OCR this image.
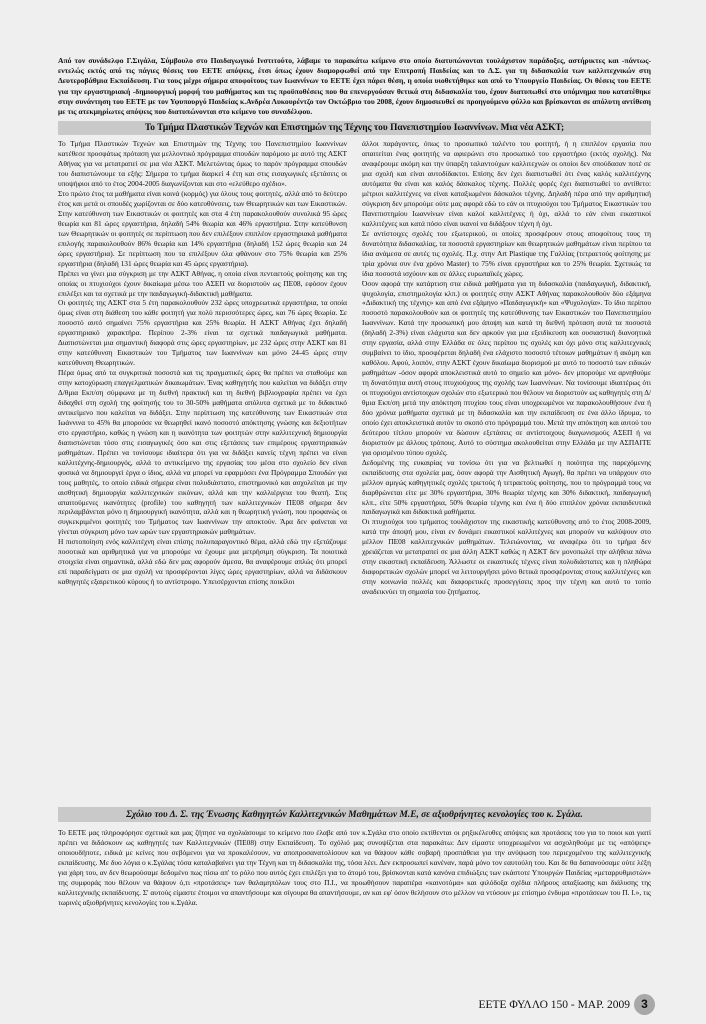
Από τον συνάδελφο Γ.Σιγάλα, Σύμβουλο στο Παιδαγωγικό Ινστιτούτο, λάβαμε το παρακάτω κείμενο στο οποίο διατυπώνονται τουλάχιστον παράδοξες, αστήρικτες και -πάντως- εντελώς εκτός από τις πάγιες θέσεις του ΕΕΤΕ απόψεις, έτσι όπως έχουν διαμορφωθεί από την Επιτροπή Παιδείας και το Δ.Σ. για τη διδασκαλία των καλλιτεχνικών στη Δευτεροβάθμια Εκπαίδευση. Για τους μέχρι σήμερα αποφοίτους των Ιωαννίνων το ΕΕΤΕ έχει πάρει θέση, η οποία υιοθετήθηκε και από το Υπουργείο Παιδείας. Οι θέσεις του ΕΕΤΕ για την εργαστηριακή -δημιουργική μορφή του μαθήματος και τις προϋποθέσεις που θα επενεργούσαν θετικά στη διδασκαλία του, έχουν διατυπωθεί στο υπόμνημα που κατατέθηκε στην συνάντηση του ΕΕΤΕ με τον Υφυπουργό Παιδείας κ.Ανδρέα Λυκουρέντζο τον Οκτώβριο του 2008, έχουν δημοσιευθεί σε προηγούμενο φύλλο και βρίσκονται σε απόλυτη αντίθεση με τις ατεκμηρίωτες απόψεις που διατυπώνονται στο κείμενο του συναδέλφου.
Το Τμήμα Πλαστικών Τεχνών και Επιστημών της Τέχνης του Πανεπιστημίου Ιωαννίνων. Μια νέα ΑΣΚΤ;

Το Τμήμα Πλαστικών Τεχνών και Επιστημών της Τέχνης του Πανεπιστημίου Ιωαννίνων κατέθεσε προσφάτως πρόταση για μελλοντικό πρόγραμμα σπουδών παρόμοιο με αυτό της ΑΣΚΤ Αθήνας για να μετατραπεί σε μια νέα ΑΣΚΤ. Μελετώντας όμως το παρόν πρόγραμμα σπουδών του διαπιστώνουμε τα εξής: Σήμερα το τμήμα διαρκεί 4 έτη και στις εισαγωγικές εξετάσεις οι υποψήφιοι από το έτος 2004-2005 διαγωνίζονται και στο «ελεύθερο σχέδιο».

Στο πρώτο έτος τα μαθήματα είναι κοινά (κορμός) για όλους τους φοιτητές, αλλά από το δεύτερο έτος και μετά οι σπουδές χωρίζονται σε δύο κατευθύνσεις, των Θεωρητικών και των Εικαστικών. Στην κατεύθυνση των Εικαστικών οι φοιτητές και στα 4 έτη παρακολουθούν συνολικά 95 ώρες θεωρία και 81 ώρες εργαστήρια, δηλαδή 54% θεωρία και 46% εργαστήρια. Στην κατεύθυνση των Θεωρητικών οι φοιτητές σε περίπτωση που δεν επιλέξουν επιπλέον εργαστηριακά μαθήματα επιλογής παρακολουθούν 86% θεωρία και 14% εργαστήρια (δηλαδή 152 ώρες θεωρία και 24 ώρες εργαστήρια). Σε περίπτωση που τα επιλέξουν όλα φθάνουν στο 75% θεωρία και 25% εργαστήρια (δηλαδή 131 ώρες θεωρία και 45 ώρες εργαστήρια).

Πρέπει να γίνει μια σύγκριση με την ΑΣΚΤ Αθήνας, η οποία είναι πενταετούς φοίτησης και της οποίας οι πτυχιούχοι έχουν δικαίωμα μέσω του ΑΣΕΠ να διοριστούν ως ΠΕ08, εφόσον έχουν επιλέξει και τα σχετικά με την παιδαγωγική-διδακτική μαθήματα.

Οι φοιτητές της ΑΣΚΤ στα 5 έτη παρακολουθούν 232 ώρες υποχρεωτικά εργαστήρια, τα οποία όμως είναι στη διάθεση του κάθε φοιτητή για πολύ περισσότερες ώρες, και 76 ώρες θεωρία. Σε ποσοστό αυτό σημαίνει 75% εργαστήρια και 25% θεωρία. Η ΑΣΚΤ Αθήνας έχει δηλαδή εργαστηριακό χαρακτήρα. Περίπου 2-3% είναι τα σχετικά παιδαγωγικά μαθήματα. Διαπιστώνεται μια σημαντική διαφορά στις ώρες εργαστηρίων, με 232 ώρες στην ΑΣΚΤ και 81 στην κατεύθυνση Εικαστικών του Τμήματος των Ιωαννίνων και μόνο 24-45 ώρες στην κατεύθυνση Θεωρητικών.

Πέρα όμως από τα συγκριτικά ποσοστά και τις πραγματικές ώρες θα πρέπει να σταθούμε και στην κατοχύρωση επαγγελματικών δικαιωμάτων. Ένας καθηγητής που καλείται να διδάξει στην Δ/θμια Εκπ/ση σύμφωνα με τη διεθνή πρακτική και τη διεθνή βιβλιογραφία πρέπει να έχει διδαχθεί στη σχολή της φοίτησής του το 30-50% μαθήματα απόλυτα σχετικά με το διδακτικό αντικείμενο που καλείται να διδάξει. Στην περίπτωση της κατεύθυνσης των Εικαστικών στα Ιωάννινα το 45% θα μπορούσε να θεωρηθεί ικανό ποσοστό απόκτησης γνώσης και δεξιοτήτων στο εργαστήριο, καθώς η γνώση και η ικανότητα των φοιτητών στην καλλιτεχνική δημιουργία διαπιστώνεται τόσο στις εισαγωγικές όσο και στις εξετάσεις των επιμέρους εργαστηριακών μαθημάτων. Πρέπει να τονίσουμε ιδιαίτερα ότι για να διδάξει κανείς τέχνη πρέπει να είναι καλλιτέχνης-δημιουργός, αλλά το αντικείμενο της εργασίας του μέσα στο σχολείο δεν είναι φυσικά να δημιουργεί έργα ο ίδιος, αλλά να μπορεί να εφαρμόσει ένα Πρόγραμμα Σπουδών για τους μαθητές, το οποίο ειδικά σήμερα είναι πολυδιάστατο, επιστημονικό και ασχολείται με την αισθητική δημιουργία καλλιτεχνικών εικόνων, αλλά και την καλλιέργεια του θεατή. Στις απαιτούμενες ικανότητες (profile) του καθηγητή των καλλιτεχνικών ΠΕ08 σήμερα δεν περιλαμβάνεται μόνο η δημιουργική ικανότητα, αλλά και η θεωρητική γνώση, που προφανώς οι συγκεκριμένοι φοιτητές του Τμήματος των Ιωαννίνων την αποκτούν. Άρα δεν φαίνεται να γίνεται σύγκριση μόνο των ωρών των εργαστηριακών μαθημάτων.

Η πιστοποίηση ενός καλλιτέχνη είναι επίσης πολυπαραγοντικό θέμα, αλλά εδώ την εξετάζουμε ποσοτικά και αριθμητικά για να μπορούμε να έχουμε μια μετρήσιμη σύγκριση. Τα ποιοτικά στοιχεία είναι σημαντικά, αλλά εδώ δεν μας αφορούν άμεσα, θα αναφέρουμε απλώς ότι μπορεί επί παραδείγματι σε μια σχολή να προσφέρονται λίγες ώρες εργαστηρίων, αλλά να διδάσκουν καθηγητές εξαιρετικού κύρους ή το αντίστροφο. Υπεισέρχονται επίσης ποικίλοι

άλλοι παράγοντες, όπως το προσωπικό ταλέντο του φοιτητή, ή η επιπλέον εργασία που απαιτείται ένας φοιτητής να αφιερώνει στο προσωπικό του εργαστήριο (εκτός σχολής). Να αναφέρουμε ακόμη και την ύπαρξη ταλαντούχων καλλιτεχνών οι οποίοι δεν σπούδασαν ποτέ σε μια σχολή και είναι αυτοδίδακτοι. Επίσης δεν έχει διαπιστωθεί ότι ένας καλός καλλιτέχνης αυτόματα θα είναι και καλός δάσκαλος τέχνης. Πολλές φορές έχει διαπιστωθεί το αντίθετο: μέτριοι καλλιτέχνες να είναι καταξιωμένοι δάσκαλοι τέχνης. Δηλαδή πέρα από την αριθμητική σύγκριση δεν μπορούμε ούτε μας αφορά εδώ το εάν οι πτυχιούχοι του Τμήματος Εικαστικών του Πανεπιστημίου Ιωαννίνων είναι καλοί καλλιτέχνες ή όχι, αλλά το εάν είναι εικαστικοί καλλιτέχνες και κατά πόσο είναι ικανοί να διδάξουν τέχνη ή όχι.

Σε αντίστοιχες σχολές του εξωτερικού, οι οποίες προσφέρουν στους αποφοίτους τους τη δυνατότητα διδασκαλίας, τα ποσοστά εργαστηρίων και θεωρητικών μαθημάτων είναι περίπου τα ίδια ανάμεσα σε αυτές τις σχολές. Π.χ. στην Art Plastique της Γαλλίας (τετραετούς φοίτησης με τρία χρόνια συν ένα χρόνο Master) το 75% είναι εργαστήρια και το 25% θεωρία. Σχετικώς τα ίδια ποσοστά ισχύουν και σε άλλες ευρωπαϊκές χώρες.

Όσον αφορά την κατάρτιση στα ειδικά μαθήματα για τη διδασκαλία (παιδαγωγική, διδακτική, ψυχολογία, επιστημολογία κλπ.) οι φοιτητές στην ΑΣΚΤ Αθήνας παρακολουθούν δύο εξάμηνα «Διδακτική της τέχνης» και από ένα εξάμηνο «Παιδαγωγική» και «Ψυχολογία». Το ίδιο περίπου ποσοστό παρακολουθούν και οι φοιτητές της κατεύθυνσης των Εικαστικών του Πανεπιστημίου Ιωαννίνων. Κατά την προσωπική μου άποψη και κατά τη διεθνή πρόταση αυτά τα ποσοστά (δηλαδή 2-3%) είναι ελάχιστα και δεν αρκούν για μια εξειδίκευση και ουσιαστική διανοητικά στην εργασία, αλλά στην Ελλάδα σε όλες περίπου τις σχολές και όχι μόνο στις καλλιτεχνικές συμβαίνει το ίδιο, προσφέρεται δηλαδή ένα ελάχιστο ποσοστό τέτοιων μαθημάτων ή ακόμη και καθόλου. Αφού, λοιπόν, στην ΑΣΚΤ έχουν δικαίωμα διορισμού με αυτό το ποσοστό των ειδικών μαθημάτων -όσον αφορά αποκλειστικά αυτό το σημείο και μόνο- δεν μπορούμε να αρνηθούμε τη δυνατότητα αυτή στους πτυχιούχους της σχολής των Ιωαννίνων. Να τονίσουμε ιδιαιτέρως ότι οι πτυχιούχοι αντίστοιχων σχολών στο εξωτερικό που θέλουν να διοριστούν ως καθηγητές στη Δ/θμια Εκπ/ση μετά την απόκτηση πτυχίου τους είναι υποχρεωμένοι να παρακολουθήσουν ένα ή δύο χρόνια μαθήματα σχετικά με τη διδασκαλία και την εκπαίδευση σε ένα άλλο ίδρυμα, το οποίο έχει αποκλειστικά αυτόν το σκοπό στο πρόγραμμά του. Μετά την απόκτηση και αυτού του δεύτερου τίτλου μπορούν να δώσουν εξετάσεις σε αντίστοιχους διαγωνισμούς ΑΣΕΠ ή να διοριστούν με άλλους τρόπους. Αυτό το σύστημα ακολουθείται στην Ελλάδα με την ΑΣΠΑΙΤΕ για ορισμένου τύπου σχολές.

Δεδομένης της ευκαιρίας να τονίσω ότι για να βελτιωθεί η ποιότητα της παρεχόμενης εκπαίδευσης στα σχολεία μας, όσον αφορά την Αισθητική Αγωγή, θα πρέπει να υπάρχουν στο μέλλον αμιγώς καθηγητικές σχολές τριετούς ή τετραετούς φοίτησης, που το πρόγραμμά τους να διαρθρώνεται είτε με 30% εργαστήρια, 30% θεωρία τέχνης και 30% διδακτική, παιδαγωγική κλπ., είτε 50% εργαστήρια, 50% θεωρία τέχνης και ένα ή δύο επιπλέον χρόνια εκπαιδευτικά παιδαγωγικά και διδακτικά μαθήματα.

Οι πτυχιούχοι του τμήματος τουλάχιστον της εικαστικής κατεύθυνσης από το έτος 2008-2009, κατά την άποψή μου, είναι εν δυνάμει εικαστικοί καλλιτέχνες και μπορούν να καλύψουν στο μέλλον ΠΕ08 καλλιτεχνικών μαθημάτων. Τελειώνοντας, να αναφέρω ότι το τμήμα δεν χρειάζεται να μετατραπεί σε μια άλλη ΑΣΚΤ καθώς η ΑΣΚΤ δεν μονοπωλεί την αλήθεια πάνω στην εικαστική εκπαίδευση. Άλλωστε οι εικαστικές τέχνες είναι πολυδιάστατες και η πληθώρα διαφορετικών σχολών μπορεί να λειτουργήσει μόνο θετικά προσφέροντας στους καλλιτέχνες και στην κοινωνία πολλές και διαφορετικές προσεγγίσεις προς την τέχνη και αυτό το τοπίο αναδεικνύει τη σημασία του ζητήματος.

Σχόλιο του Δ. Σ. της Ένωσης Καθηγητών Καλλιτεχνικών Μαθημάτων Μ.Ε, σε αξιοθρήνητες κενολογίες του κ. Σγάλα.
Το ΕΕΤΕ μας πληροφόρησε σχετικά και μας ζήτησε να σχολιάσουμε το κείμενο που έλαβε από τον κ.Σγάλα στο οποίο εκτίθενται οι ρηξικέλευθες απόψεις και προτάσεις του για το ποιοι και γιατί πρέπει να διδάσκουν ως καθηγητές των Καλλιτεχνικών (ΠΕ08) στην Εκπαίδευση. Το σχόλιό μας συνοψίζεται στα παρακάτω: Δεν είμαστε υποχρεωμένοι να ασχοληθούμε με τις «απόψεις» οποιουδήποτε, ειδικά με κείνες που σεβόμενοι για να προκαλέσουν, να αποπροσανατολίσουν και να θάψουν κάθε σοβαρή προσπάθεια για την ανύψωση του περιεχομένου της καλλιτεχνικής εκπαίδευσης. Με δυο λόγια ο κ.Σγάλας τόσα καταλαβαίνει για την Τέχνη και τη διδασκαλία της, τόσα λέει. Δεν εκπροσωπεί κανέναν, παρά μόνο τον εαυτούλη του. Και δε θα δαπανούσαμε ούτε λέξη για χάρη του, αν δεν θεωρούσαμε δεδομένο πως πίσω απ' το ρόλο που αυτός έχει επιλέξει για το άτομό του, βρίσκονται κατά κανόνα επιδιώξεις των εκάστοτε Υπουργών Παιδείας «μεταρρυθμιστών» της συμφοράς που θέλουν να θάψουν ό,τι «προτάσεις» των θαλαμηπόλων τους στο Π.Ι., να προωθήσουν παραπέρα «καινοτόμα» και φιλόδοξα σχέδια πλήρους απαξίωσης και διάλυσης της καλλιτεχνικής εκπαίδευσης. Σ' αυτούς είμαστε έτοιμοι να απαντήσουμε και σίγουρα θα απαντήσουμε, αν και εφ' όσον θελήσουν στο μέλλον να ντύσουν με επίσημο ένδυμα «προτάσεων του Π. Ι.», τις τωρινές αξιοθρήνητες κενολογίες του κ.Σγάλα.
ΕΕΤΕ ΦΥΛΛΟ 150 - ΜΑΡ. 2009 3
